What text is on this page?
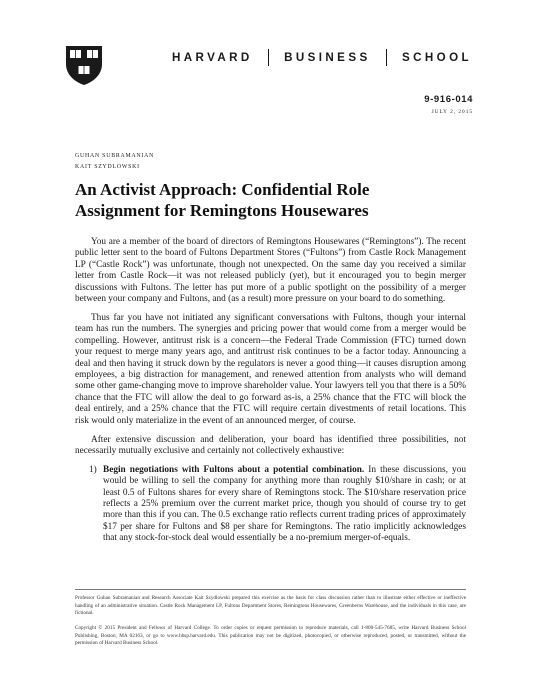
HARVARD	BUSINESS	SCHOOL
9-916-014
JULY 2, 2015
GUHAN SUBRAMANIAN
KAIT SZYDLOWSKI
An Activist Approach: Confidential Role
Assignment for Remingtons Housewares

You are a member of the board of directors of Remingtons Housewares (“Remingtons”). The recent public letter sent to the board of Fultons Department Stores (“Fultons”) from Castle Rock Management LP (“Castle Rock”) was unfortunate, though not unexpected. On the same day you received a similar letter from Castle Rock—it was not released publicly (yet), but it encouraged you to begin merger discussions with Fultons. The letter has put more of a public spotlight on the possibility of a merger between your company and Fultons, and (as a result) more pressure on your board to do something.

Thus far you have not initiated any significant conversations with Fultons, though your internal team has run the numbers. The synergies and pricing power that would come from a merger would be compelling. However, antitrust risk is a concern—the Federal Trade Commission (FTC) turned down your request to merge many years ago, and antitrust risk continues to be a factor today. Announcing a deal and then having it struck down by the regulators is never a good thing—it causes disruption among employees, a big distraction for management, and renewed attention from analysts who will demand some other game-changing move to improve shareholder value. Your lawyers tell you that there is a 50% chance that the FTC will allow the deal to go forward as-is, a 25% chance that the FTC will block the deal entirely, and a 25% chance that the FTC will require certain divestments of retail locations. This risk would only materialize in the event of an announced merger, of course.

After extensive discussion and deliberation, your board has identified three possibilities, not necessarily mutually exclusive and certainly not collectively exhaustive:

1) Begin negotiations with Fultons about a potential combination. In these discussions, you would be willing to sell the company for anything more than roughly $10/share in cash; or at least 0.5 of Fultons shares for every share of Remingtons stock. The $10/share reservation price reflects a 25% premium over the current market price, though you should of course try to get more than this if you can. The 0.5 exchange ratio reflects current trading prices of approximately $17 per share for Fultons and $8 per share for Remingtons. The ratio implicitly acknowledges that any stock-for-stock deal would essentially be a no-premium merger-of-equals.

Professor Guhan Subramanian and Research Associate Kait Szydlowski prepared this exercise as the basis for class discussion rather than to illustrate either effective or ineffective handling of an administrative situation. Castle Rock Management LP, Fultons Department Stores, Remingtons Housewares, Greenberns Warehouse, and the individuals in this case, are fictional.

Copyright © 2015 President and Fellows of Harvard College. To order copies or request permission to reproduce materials, call 1-800-545-7685, write Harvard Business School Publishing, Boston, MA 02163, or go to www.hbsp.harvard.edu. This publication may not be digitized, photocopied, or otherwise reproduced, posted, or transmitted, without the permission of Harvard Business School.
